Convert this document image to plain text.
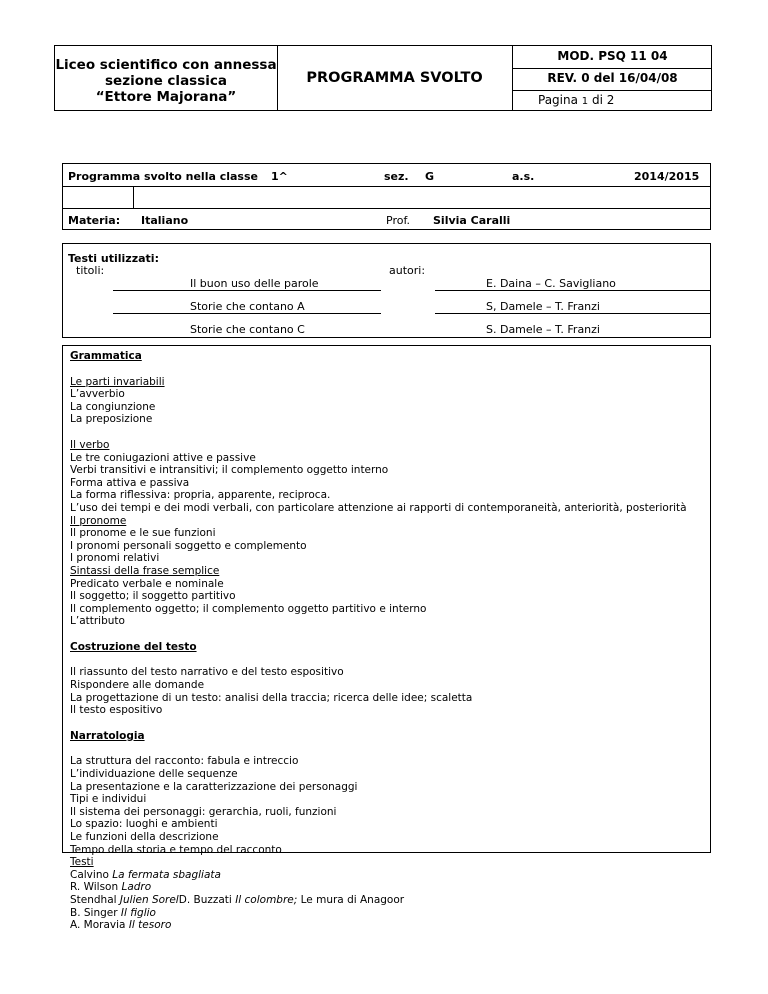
Liceo scientifico con annessa
sezione classica
“Ettore Majorana”
PROGRAMMA SVOLTO
MOD. PSQ 11 04
REV. 0 del 16/04/08
Pagina 1 di 2
Programma svolto nella classe 1^	sez. G	a.s.	2014/2015
Materia: Italiano	Prof. Silvia Caralli
Testi utilizzati:
titoli:	autori:
Il buon uso delle parole	E. Daina – C. Savigliano
Storie che contano A	S, Damele – T. Franzi
Storie che contano C	S. Damele – T. Franzi
Grammatica
Le parti invariabili
L’avverbio
La congiunzione
La preposizione
Il verbo
Le tre coniugazioni attive e passive
Verbi transitivi e intransitivi; il complemento oggetto interno
Forma attiva e passiva
La forma riflessiva: propria, apparente, reciproca.
L’uso dei tempi e dei modi verbali, con particolare attenzione ai rapporti di contemporaneità, anteriorità, posteriorità
Il pronome
Il pronome e le sue funzioni
I pronomi personali soggetto e complemento
I pronomi relativi
Sintassi della frase semplice
Predicato verbale e nominale
Il soggetto; il soggetto partitivo
Il complemento oggetto; il complemento oggetto partitivo e interno
L’attributo
Costruzione del testo
Il riassunto del testo narrativo e del testo espositivo
Rispondere alle domande
La progettazione di un testo: analisi della traccia; ricerca delle idee; scaletta
Il testo espositivo
Narratologia
La struttura del racconto: fabula e intreccio
L’individuazione delle sequenze
La presentazione e la caratterizzazione dei personaggi
Tipi e individui
Il sistema dei personaggi: gerarchia, ruoli, funzioni
Lo spazio: luoghi e ambienti
Le funzioni della descrizione
Tempo della storia e tempo del racconto
Testi
Calvino La fermata sbagliata
R. Wilson Ladro
Stendhal Julien SorelD. Buzzati Il colombre; Le mura di Anagoor
B. Singer Il figlio
A. Moravia Il tesoro
